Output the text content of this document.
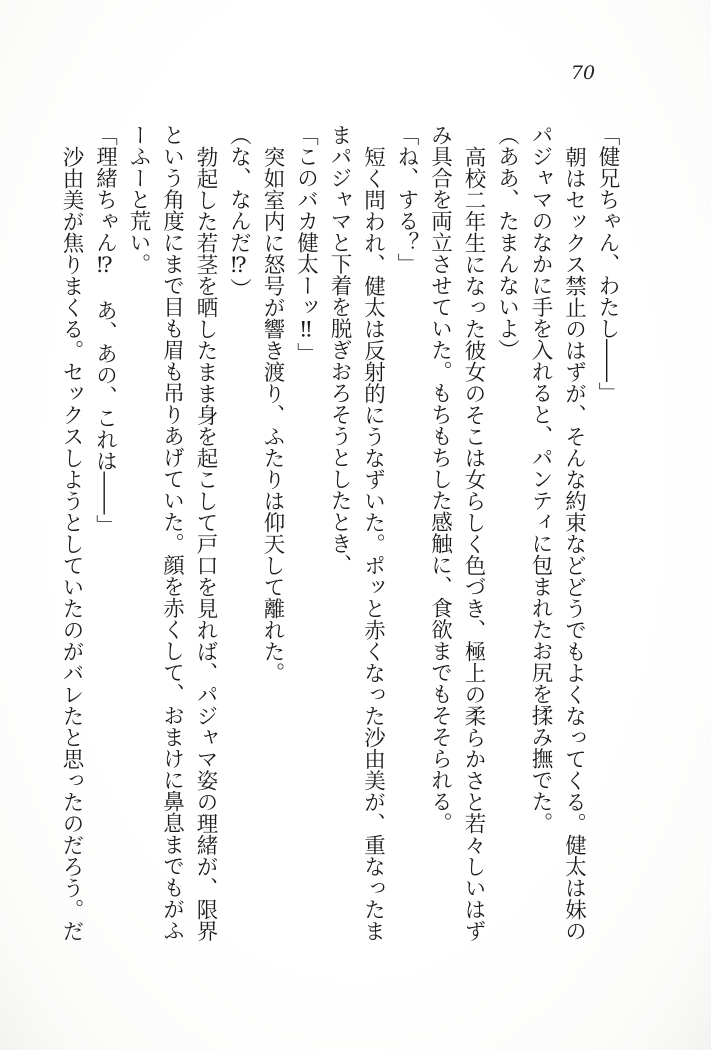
70

「健兄ちゃん、わたし――」

朝はセックス禁止のはずが、そんな約束などどうでもよくなってくる。健太は妹のパジャマのなかに手を入れると、パンティに包まれたお尻を揉み撫でた。

（ああ、たまんないよ）

高校二年生になった彼女のそこは女らしく色づき、極上の柔らかさと若々しいはずみ具合を両立させていた。もちもちした感触に、食欲までもそそられる。

「ね、する？」

短く問われ、健太は反射的にうなずいた。ポッと赤くなった沙由美が、重なったままパジャマと下着を脱ぎおろそうとしたとき、

「このバカ健太ーッ‼」

突如室内に怒号が響き渡り、ふたりは仰天して離れた。

（な、なんだ⁉）

勃起した若茎を晒したまま身を起こして戸口を見れば、パジャマ姿の理緒が、限界という角度にまで目も眉も吊りあげていた。顔を赤くして、おまけに鼻息までもがふーふーと荒い。

「理緒ちゃん⁉　あ、あの、これは――」

沙由美が焦りまくる。セックスしようとしていたのがバレたと思ったのだろう。だ
